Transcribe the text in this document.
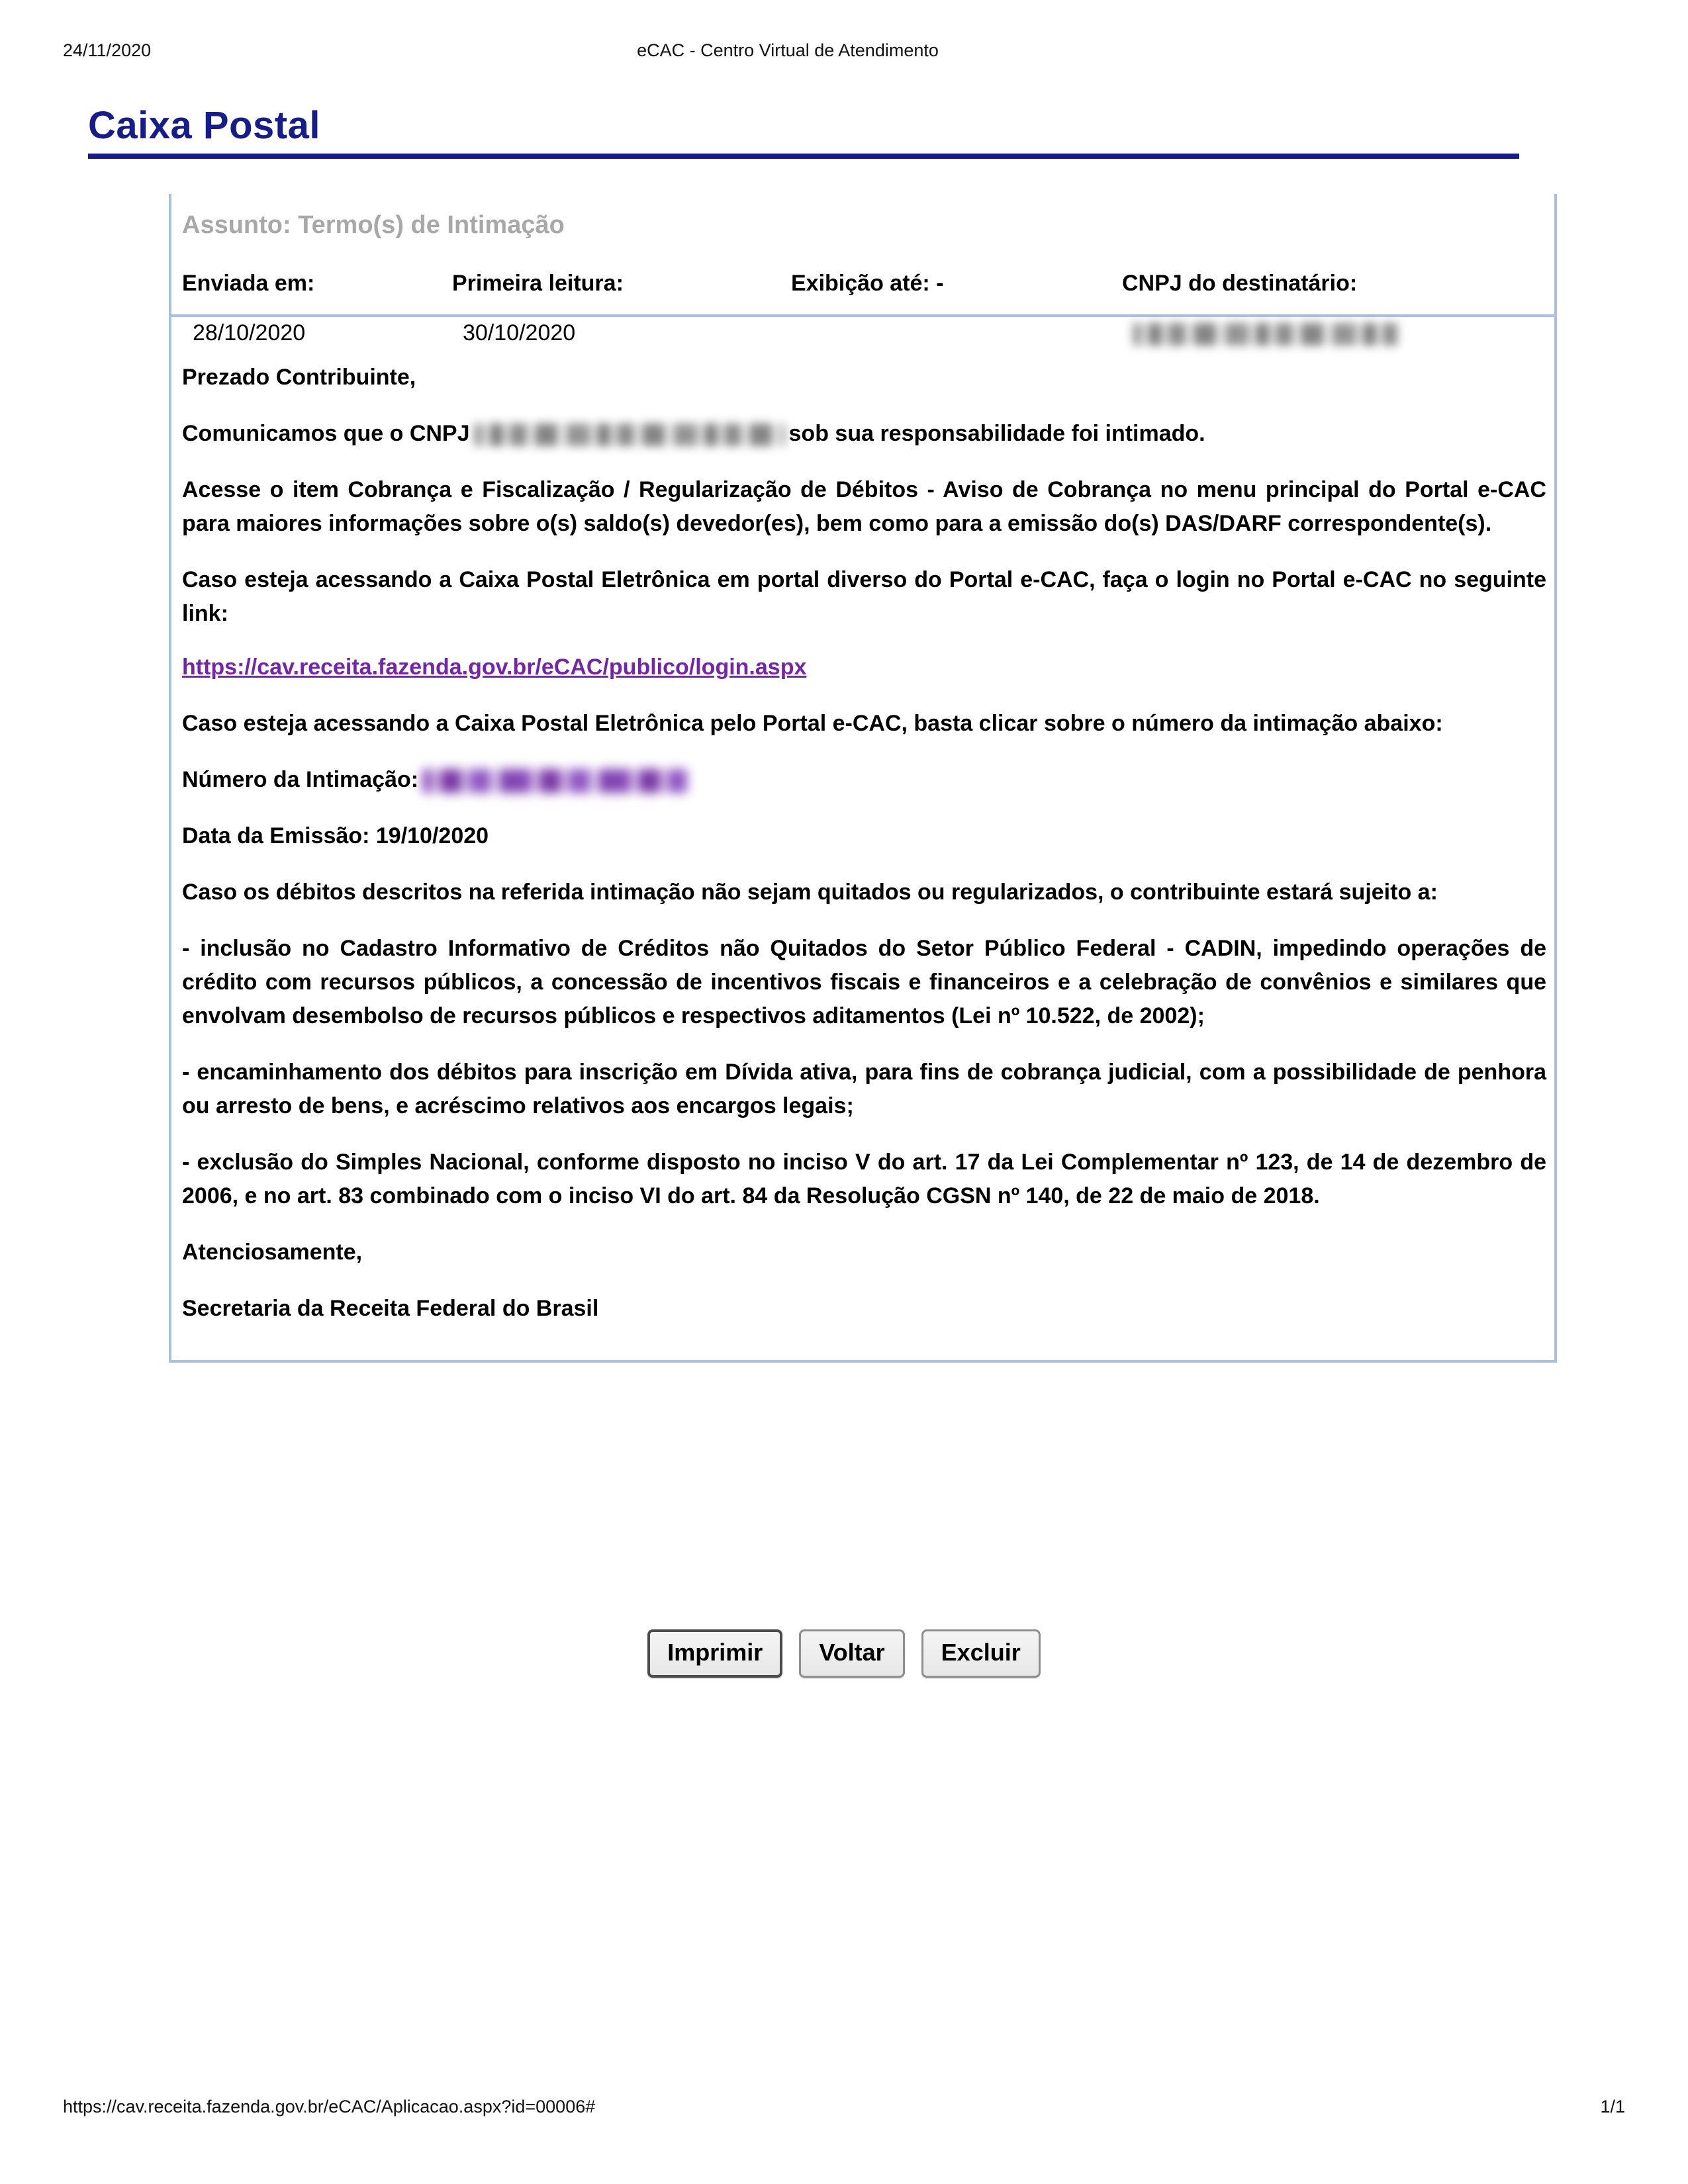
24/11/2020	eCAC - Centro Virtual de Atendimento
Caixa Postal
Assunto: Termo(s) de Intimação
Enviada em:	Primeira leitura:	Exibição até: -	CNPJ do destinatário:
28/10/2020	30/10/2020

Prezado Contribuinte,

Comunicamos que o CNPJ	sob sua responsabilidade foi intimado.

Acesse o item Cobrança e Fiscalização / Regularização de Débitos - Aviso de Cobrança no menu principal do Portal e-CAC para maiores informações sobre o(s) saldo(s) devedor(es), bem como para a emissão do(s) DAS/DARF correspondente(s).

Caso esteja acessando a Caixa Postal Eletrônica em portal diverso do Portal e-CAC, faça o login no Portal e-CAC no seguinte link:

https://cav.receita.fazenda.gov.br/eCAC/publico/login.aspx

Caso esteja acessando a Caixa Postal Eletrônica pelo Portal e-CAC, basta clicar sobre o número da intimação abaixo:

Número da Intimação:

Data da Emissão: 19/10/2020

Caso os débitos descritos na referida intimação não sejam quitados ou regularizados, o contribuinte estará sujeito a:

- inclusão no Cadastro Informativo de Créditos não Quitados do Setor Público Federal - CADIN, impedindo operações de crédito com recursos públicos, a concessão de incentivos fiscais e financeiros e a celebração de convênios e similares que envolvam desembolso de recursos públicos e respectivos aditamentos (Lei nº 10.522, de 2002);

- encaminhamento dos débitos para inscrição em Dívida ativa, para fins de cobrança judicial, com a possibilidade de penhora ou arresto de bens, e acréscimo relativos aos encargos legais;

- exclusão do Simples Nacional, conforme disposto no inciso V do art. 17 da Lei Complementar nº 123, de 14 de dezembro de 2006, e no art. 83 combinado com o inciso VI do art. 84 da Resolução CGSN nº 140, de 22 de maio de 2018.

Atenciosamente,

Secretaria da Receita Federal do Brasil

Imprimir	Voltar	Excluir
https://cav.receita.fazenda.gov.br/eCAC/Aplicacao.aspx?id=00006#	1/1
